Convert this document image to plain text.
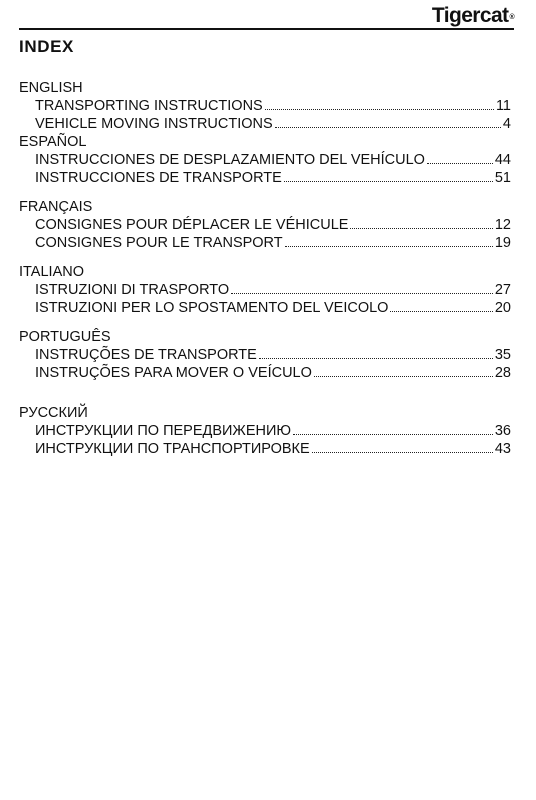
Tigercat®
INDEX
ENGLISH
TRANSPORTING INSTRUCTIONS	11
VEHICLE MOVING INSTRUCTIONS	4
ESPAÑOL
INSTRUCCIONES DE DESPLAZAMIENTO DEL VEHÍCULO	44
INSTRUCCIONES DE TRANSPORTE	51
FRANÇAIS
CONSIGNES POUR DÉPLACER LE VÉHICULE	12
CONSIGNES POUR LE TRANSPORT	19
ITALIANO
ISTRUZIONI DI TRASPORTO	27
ISTRUZIONI PER LO SPOSTAMENTO DEL VEICOLO	20
PORTUGUÊS
INSTRUÇÕES DE TRANSPORTE	35
INSTRUÇÕES PARA MOVER O VEÍCULO	28
РУССКИЙ
ИНСТРУКЦИИ ПО ПЕРЕДВИЖЕНИЮ	36
ИНСТРУКЦИИ ПО ТРАНСПОРТИРОВКЕ	43
